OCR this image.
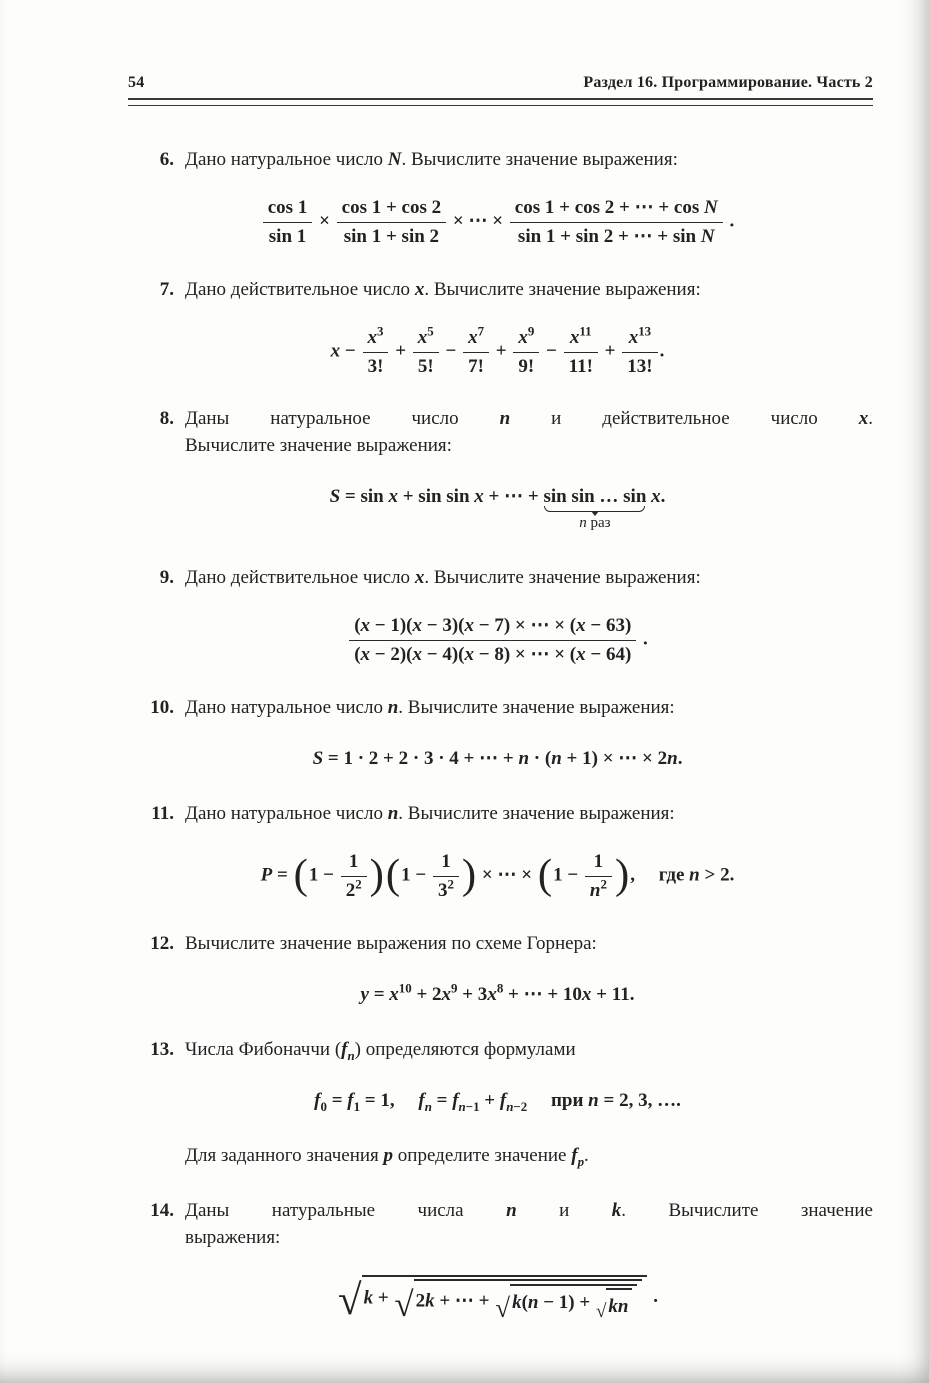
54	Раздел 16. Программирование. Часть 2
6. Дано натуральное число N. Вычислите значение выражения:
$\frac{\cos 1}{\sin 1} \times \frac{\cos 1 + \cos 2}{\sin 1 + \sin 2}$ × ⋯ × $\frac{\text{cos 1 + cos 2 + ⋯ + cos N}}{\text{sin 1 + sin 2 + ⋯ + sin N}}$ .
7. Дано действительное число x. Вычислите значение выражения:
$x - \frac{x^3}{3!} + \frac{x^5}{5!} - \frac{x^7}{7!} + \frac{x^9}{9!} - \frac{x^{11}}{11!} + \frac{x^{13}}{13!}$ .
8. Даны натуральное число n и действительное число x.
Вычислите значение выражения:
S = sin x + sin sin x + ⋯ + sin sin … sin
n раз
x.
9. Дано действительное число x. Вычислите значение выражения:
$\frac{(x - 1)(x - 3)(x - 7) \times \cdots \times (x - 63)}{(x - 2)(x - 4)(x - 8) \times \cdots \times (x - 64)}$ .
10. Дано натуральное число n. Вычислите значение выражения:
S = 1 · 2 + 2 · 3 · 4 + ⋯ + n · (n + 1) × ⋯ × 2n.
11. Дано натуральное число n. Вычислите значение выражения:
$P = (1 - \frac{1}{2^2} )(1 - \frac{1}{3^2}$ ) × ⋯ × ($1 - \frac{1}{n^2}$ ),  где n > 2.
12. Вычислите значение выражения по схеме Горнера:
$y = x^{10} + 2x^9 + 3x^8$ + ⋯ + 10x + 11.
13. Числа Фибоначчи $(f_n)$ определяются формулами
$f_0 = f_1 = 1$,  $f_n = f_{n-1} + f_{n-2}$  при n = 2, 3, ….
Для заданного значения p определите значение $f_p$.
14. Даны натуральные числа n и k. Вычислите значение
выражения:
√ k + √ 2k + ⋯ + √ k(n − 1) + √ kn .
